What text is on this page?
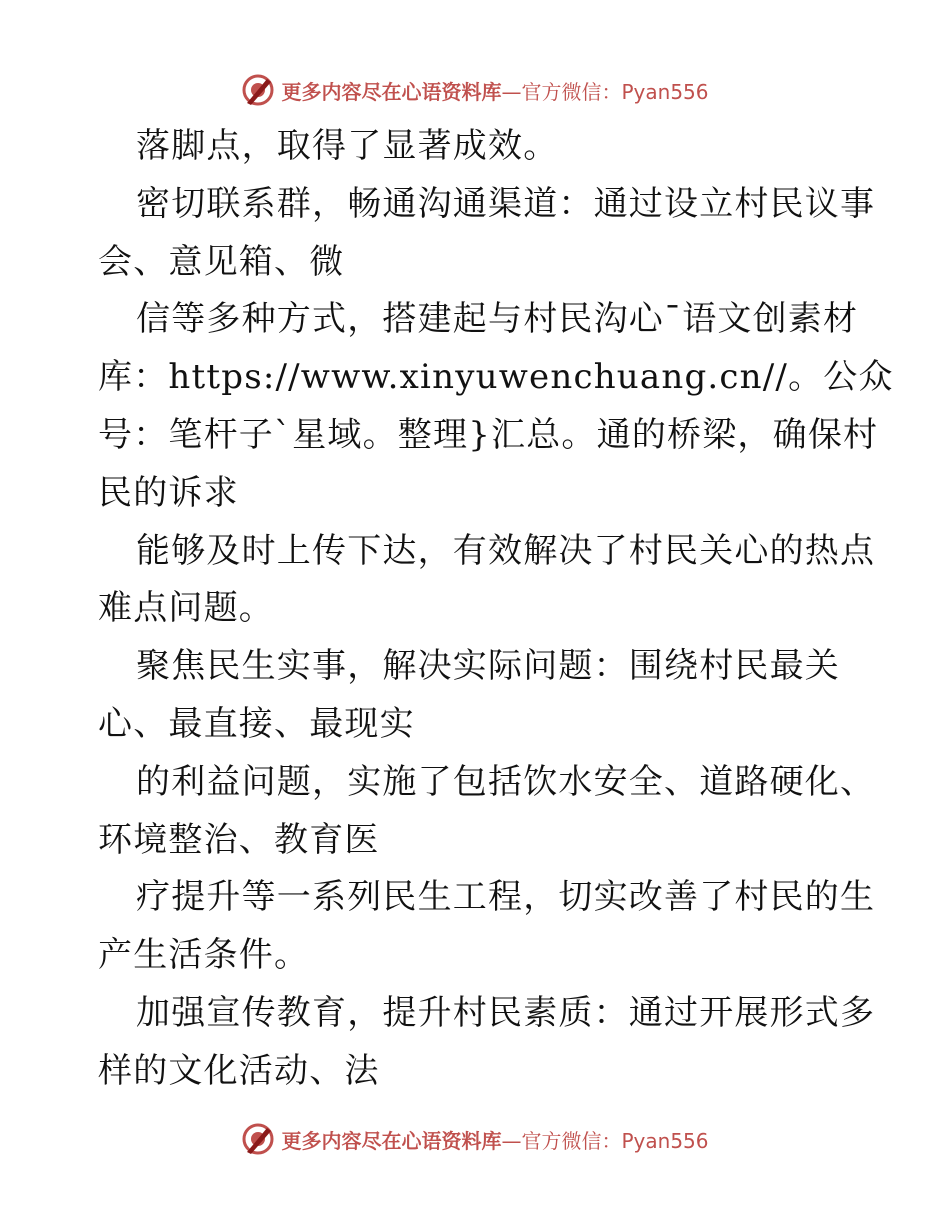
更多内容尽在心语资料库—官方微信：Pyan556
落脚点，取得了显著成效。
密切联系群，畅通沟通渠道：通过设立村民议事
会、意见箱、微
信等多种方式，搭建起与村民沟心¯语文创素材
库：https://www.xinyuwenchuang.cn//。公众
号：笔杆子`星域。整理}汇总。通的桥梁，确保村
民的诉求
能够及时上传下达，有效解决了村民关心的热点
难点问题。
聚焦民生实事，解决实际问题：围绕村民最关
心、最直接、最现实
的利益问题，实施了包括饮水安全、道路硬化、
环境整治、教育医
疗提升等一系列民生工程，切实改善了村民的生
产生活条件。
加强宣传教育，提升村民素质：通过开展形式多
样的文化活动、法
更多内容尽在心语资料库—官方微信：Pyan556
